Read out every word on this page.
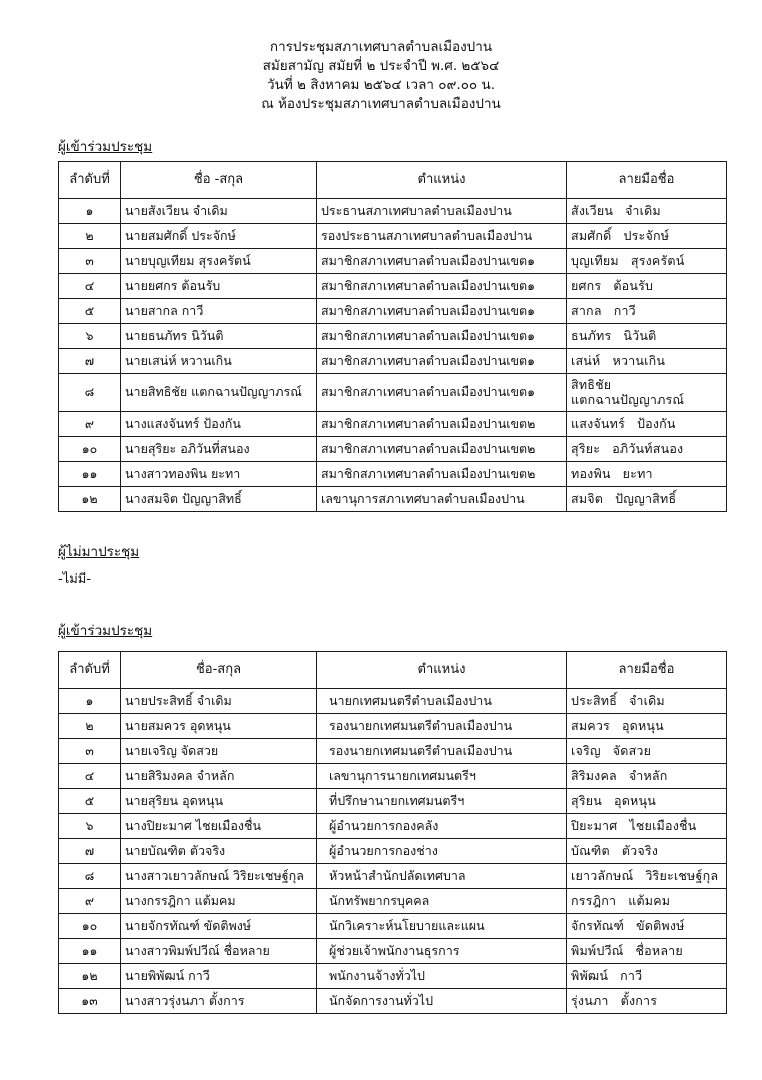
การประชุมสภาเทศบาลตำบลเมืองปาน
สมัยสามัญ สมัยที่ ๒ ประจำปี พ.ศ. ๒๕๖๔
วันที่ ๒ สิงหาคม ๒๕๖๔ เวลา ๐๙.๐๐ น.
ณ ห้องประชุมสภาเทศบาลตำบลเมืองปาน
ผู้เข้าร่วมประชุม
ลำดับที่	ชื่อ -สกุล	ตำแหน่ง	ลายมือชื่อ
๑	นายสังเวียน จำเดิม	ประธานสภาเทศบาลตำบลเมืองปาน	สังเวียน จำเดิม
๒	นายสมศักดิ์ ประจักษ์	รองประธานสภาเทศบาลตำบลเมืองปาน	สมศักดิ์ ประจักษ์
๓	นายบุญเทียม สุรงครัตน์	สมาชิกสภาเทศบาลตำบลเมืองปานเขต๑	บุญเทียม สุรงครัตน์
๔	นายยศกร ต้อนรับ	สมาชิกสภาเทศบาลตำบลเมืองปานเขต๑	ยศกร ต้อนรับ
๕	นายสากล กาวี	สมาชิกสภาเทศบาลตำบลเมืองปานเขต๑	สากล กาวี
๖	นายธนภัทร นิวันติ	สมาชิกสภาเทศบาลตำบลเมืองปานเขต๑	ธนภัทร นิวันติ
๗	นายเสน่ห์ หวานเกิน	สมาชิกสภาเทศบาลตำบลเมืองปานเขต๑	เสน่ห์ หวานเกิน
๘	นายสิทธิชัย แตกฉานปัญญาภรณ์	สมาชิกสภาเทศบาลตำบลเมืองปานเขต๑	สิทธิชัยแตกฉานปัญญาภรณ์
๙	นางแสงจันทร์ ป้องกัน	สมาชิกสภาเทศบาลตำบลเมืองปานเขต๒	แสงจันทร์ ป้องกัน
๑๐	นายสุริยะ อภิวันที่สนอง	สมาชิกสภาเทศบาลตำบลเมืองปานเขต๒	สุริยะ อภิวันท์สนอง
๑๑	นางสาวทองพิน ยะทา	สมาชิกสภาเทศบาลตำบลเมืองปานเขต๒	ทองพิน ยะทา
๑๒	นางสมจิต ปัญญาสิทธิ์	เลขานุการสภาเทศบาลตำบลเมืองปาน	สมจิต ปัญญาสิทธิ์
ผู้ไม่มาประชุม
-ไม่มี-
ผู้เข้าร่วมประชุม
ลำดับที่	ชื่อ-สกุล	ตำแหน่ง	ลายมือชื่อ
๑	นายประสิทธิ์ จำเดิม	นายกเทศมนตรีตำบลเมืองปาน	ประสิทธิ์ จำเดิม
๒	นายสมควร อุดหนุน	รองนายกเทศมนตรีตำบลเมืองปาน	สมควร อุดหนุน
๓	นายเจริญ จัดสวย	รองนายกเทศมนตรีตำบลเมืองปาน	เจริญ จัดสวย
๔	นายสิริมงคล จำหลัก	เลขานุการนายกเทศมนตรีฯ	สิริมงคล จำหลัก
๕	นายสุริยน อุดหนุน	ที่ปรึกษานายกเทศมนตรีฯ	สุริยน อุดหนุน
๖	นางปิยะมาศ ไชยเมืองชื่น	ผู้อำนวยการกองคลัง	ปิยะมาศ ไชยเมืองชื่น
๗	นายบัณฑิต ตัวจริง	ผู้อำนวยการกองช่าง	บัณฑิต ตัวจริง
๘	นางสาวเยาวลักษณ์ วิริยะเชษฐ์กุล	หัวหน้าสำนักปลัดเทศบาล	เยาวลักษณ์ วิริยะเชษฐ์กุล
๙	นางกรรฎิกา แต้มคม	นักทรัพยากรบุคคล	กรรฎิกา แต้มคม
๑๐	นายจักรทัณฑ์ ขัดติพงษ์	นักวิเคราะห์นโยบายและแผน	จักรทัณฑ์ ขัดติพงษ์
๑๑	นางสาวพิมพ์ปวีณ์ ชื่อหลาย	ผู้ช่วยเจ้าพนักงานธุรการ	พิมพ์ปวีณ์ ชื่อหลาย
๑๒	นายพิพัฒน์ กาวี	พนักงานจ้างทั่วไป	พิพัฒน์ กาวี
๑๓	นางสาวรุ่งนภา ตั้งการ	นักจัดการงานทั่วไป	รุ่งนภา ตั้งการ
